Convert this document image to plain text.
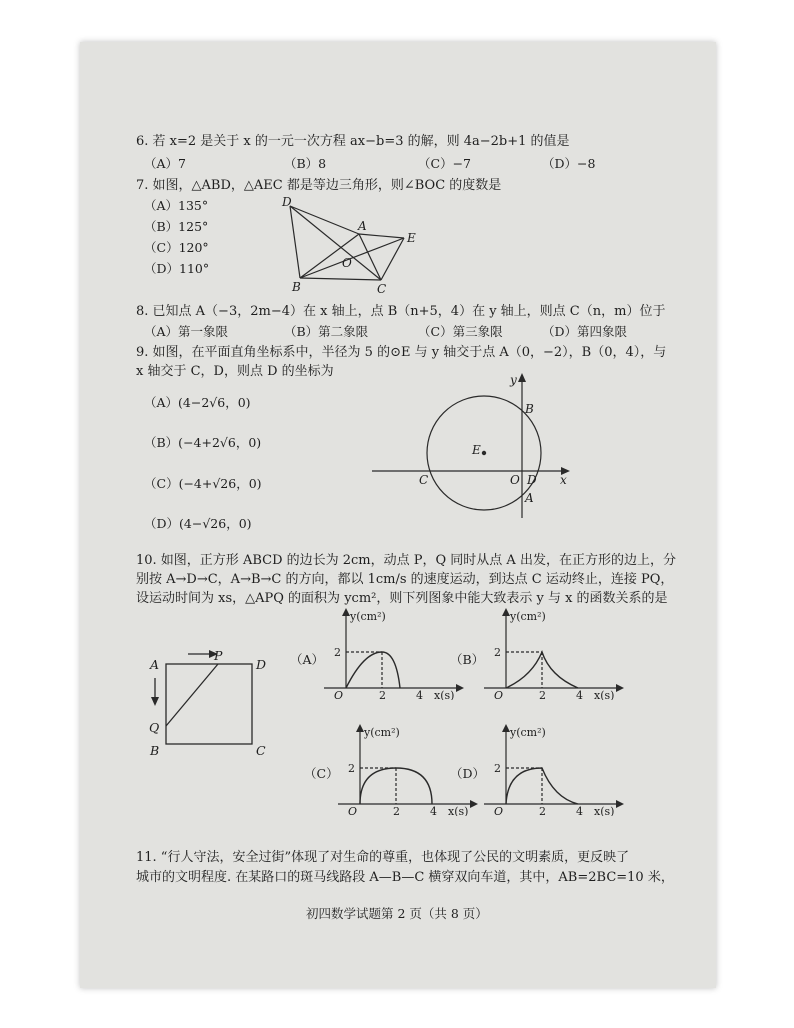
6. 若 x=2 是关于 x 的一元一次方程 ax−b=3 的解，则 4a−2b+1 的值是
（A）7	（B）8	（C）−7	（D）−8
7. 如图，△ABD，△AEC 都是等边三角形，则∠BOC 的度数是
（A）135°
（B）125°
（C）120°
（D）110°
D
A
E
O
B	C
8. 已知点 A（−3，2m−4）在 x 轴上，点 B（n+5，4）在 y 轴上，则点 C（n，m）位于
（A）第一象限	（B）第二象限	（C）第三象限	（D）第四象限
9. 如图，在平面直角坐标系中，半径为 5 的⊙E 与 y 轴交于点 A（0，−2），B（0，4），与
x 轴交于 C，D，则点 D 的坐标为
（A）(4−2√6，0)
（B）(−4+2√6，0)
（C）(−4+√26，0)
（D）(4−√26，0)
y
B
E
C	O D x
A
10. 如图，正方形 ABCD 的边长为 2cm，动点 P，Q 同时从点 A 出发，在正方形的边上，分
别按 A→D→C，A→B→C 的方向，都以 1cm/s 的速度运动，到达点 C 运动终止，连接 PQ，
设运动时间为 xs，△APQ 的面积为 ycm²，则下列图象中能大致表示 y 与 x 的函数关系的是
A
P
D
Q
B	C
（A）
y(cm²)
2
O	2	4 x(s)
（B）
y(cm²)
2
O	2	4 x(s)
（C）
y(cm²)
2
O	2	4 x(s)
（D）
y(cm²)
2
O	2	4 x(s)
11. “行人守法，安全过街”体现了对生命的尊重，也体现了公民的文明素质，更反映了
城市的文明程度. 在某路口的斑马线路段 A—B—C 横穿双向车道，其中，AB=2BC=10 米，
初四数学试题第 2 页（共 8 页）
